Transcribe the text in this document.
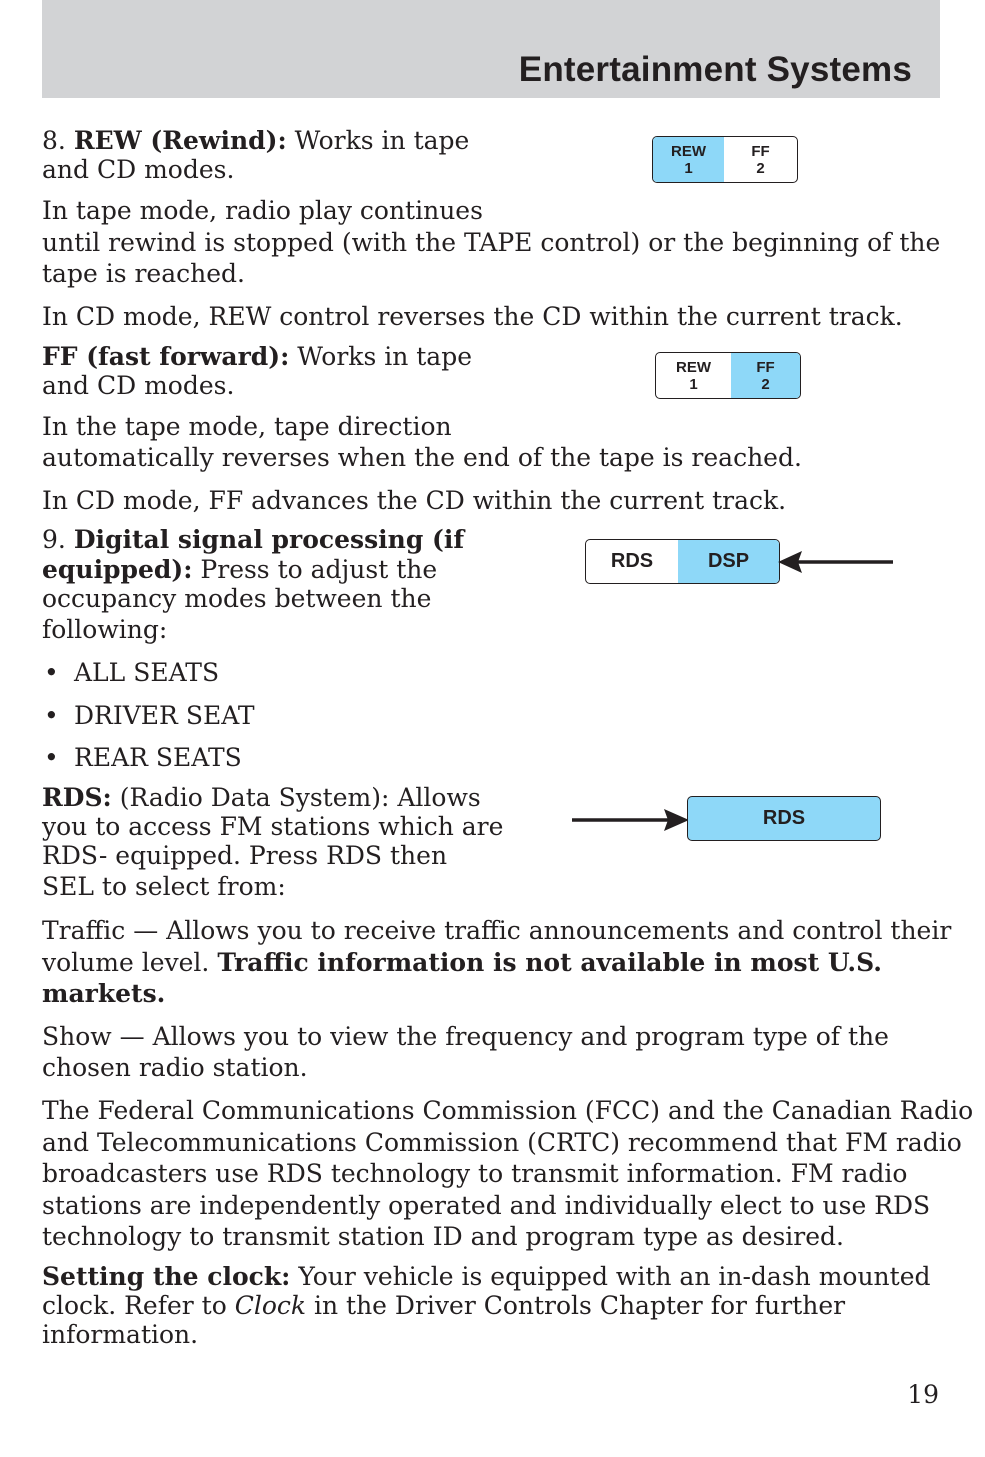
Entertainment Systems
8. REW (Rewind): Works in tape
and CD modes.
In tape mode, radio play continues
until rewind is stopped (with the TAPE control) or the beginning of the
tape is reached.
In CD mode, REW control reverses the CD within the current track.
REW
1
FF
2
FF (fast forward): Works in tape
and CD modes.
In the tape mode, tape direction
automatically reverses when the end of the tape is reached.
In CD mode, FF advances the CD within the current track.
REW
1
FF
2
9. Digital signal processing (if
equipped): Press to adjust the
occupancy modes between the
following:
• ALL SEATS
• DRIVER SEAT
• REAR SEATS
RDS	DSP
RDS: (Radio Data System): Allows
you to access FM stations which are
RDS- equipped. Press RDS then
SEL to select from:
RDS
Traffic — Allows you to receive traffic announcements and control their
volume level. Traffic information is not available in most U.S.
markets.
Show — Allows you to view the frequency and program type of the
chosen radio station.
The Federal Communications Commission (FCC) and the Canadian Radio
and Telecommunications Commission (CRTC) recommend that FM radio
broadcasters use RDS technology to transmit information. FM radio
stations are independently operated and individually elect to use RDS
technology to transmit station ID and program type as desired.
Setting the clock: Your vehicle is equipped with an in-dash mounted
clock. Refer to Clock in the Driver Controls Chapter for further
information.
19
